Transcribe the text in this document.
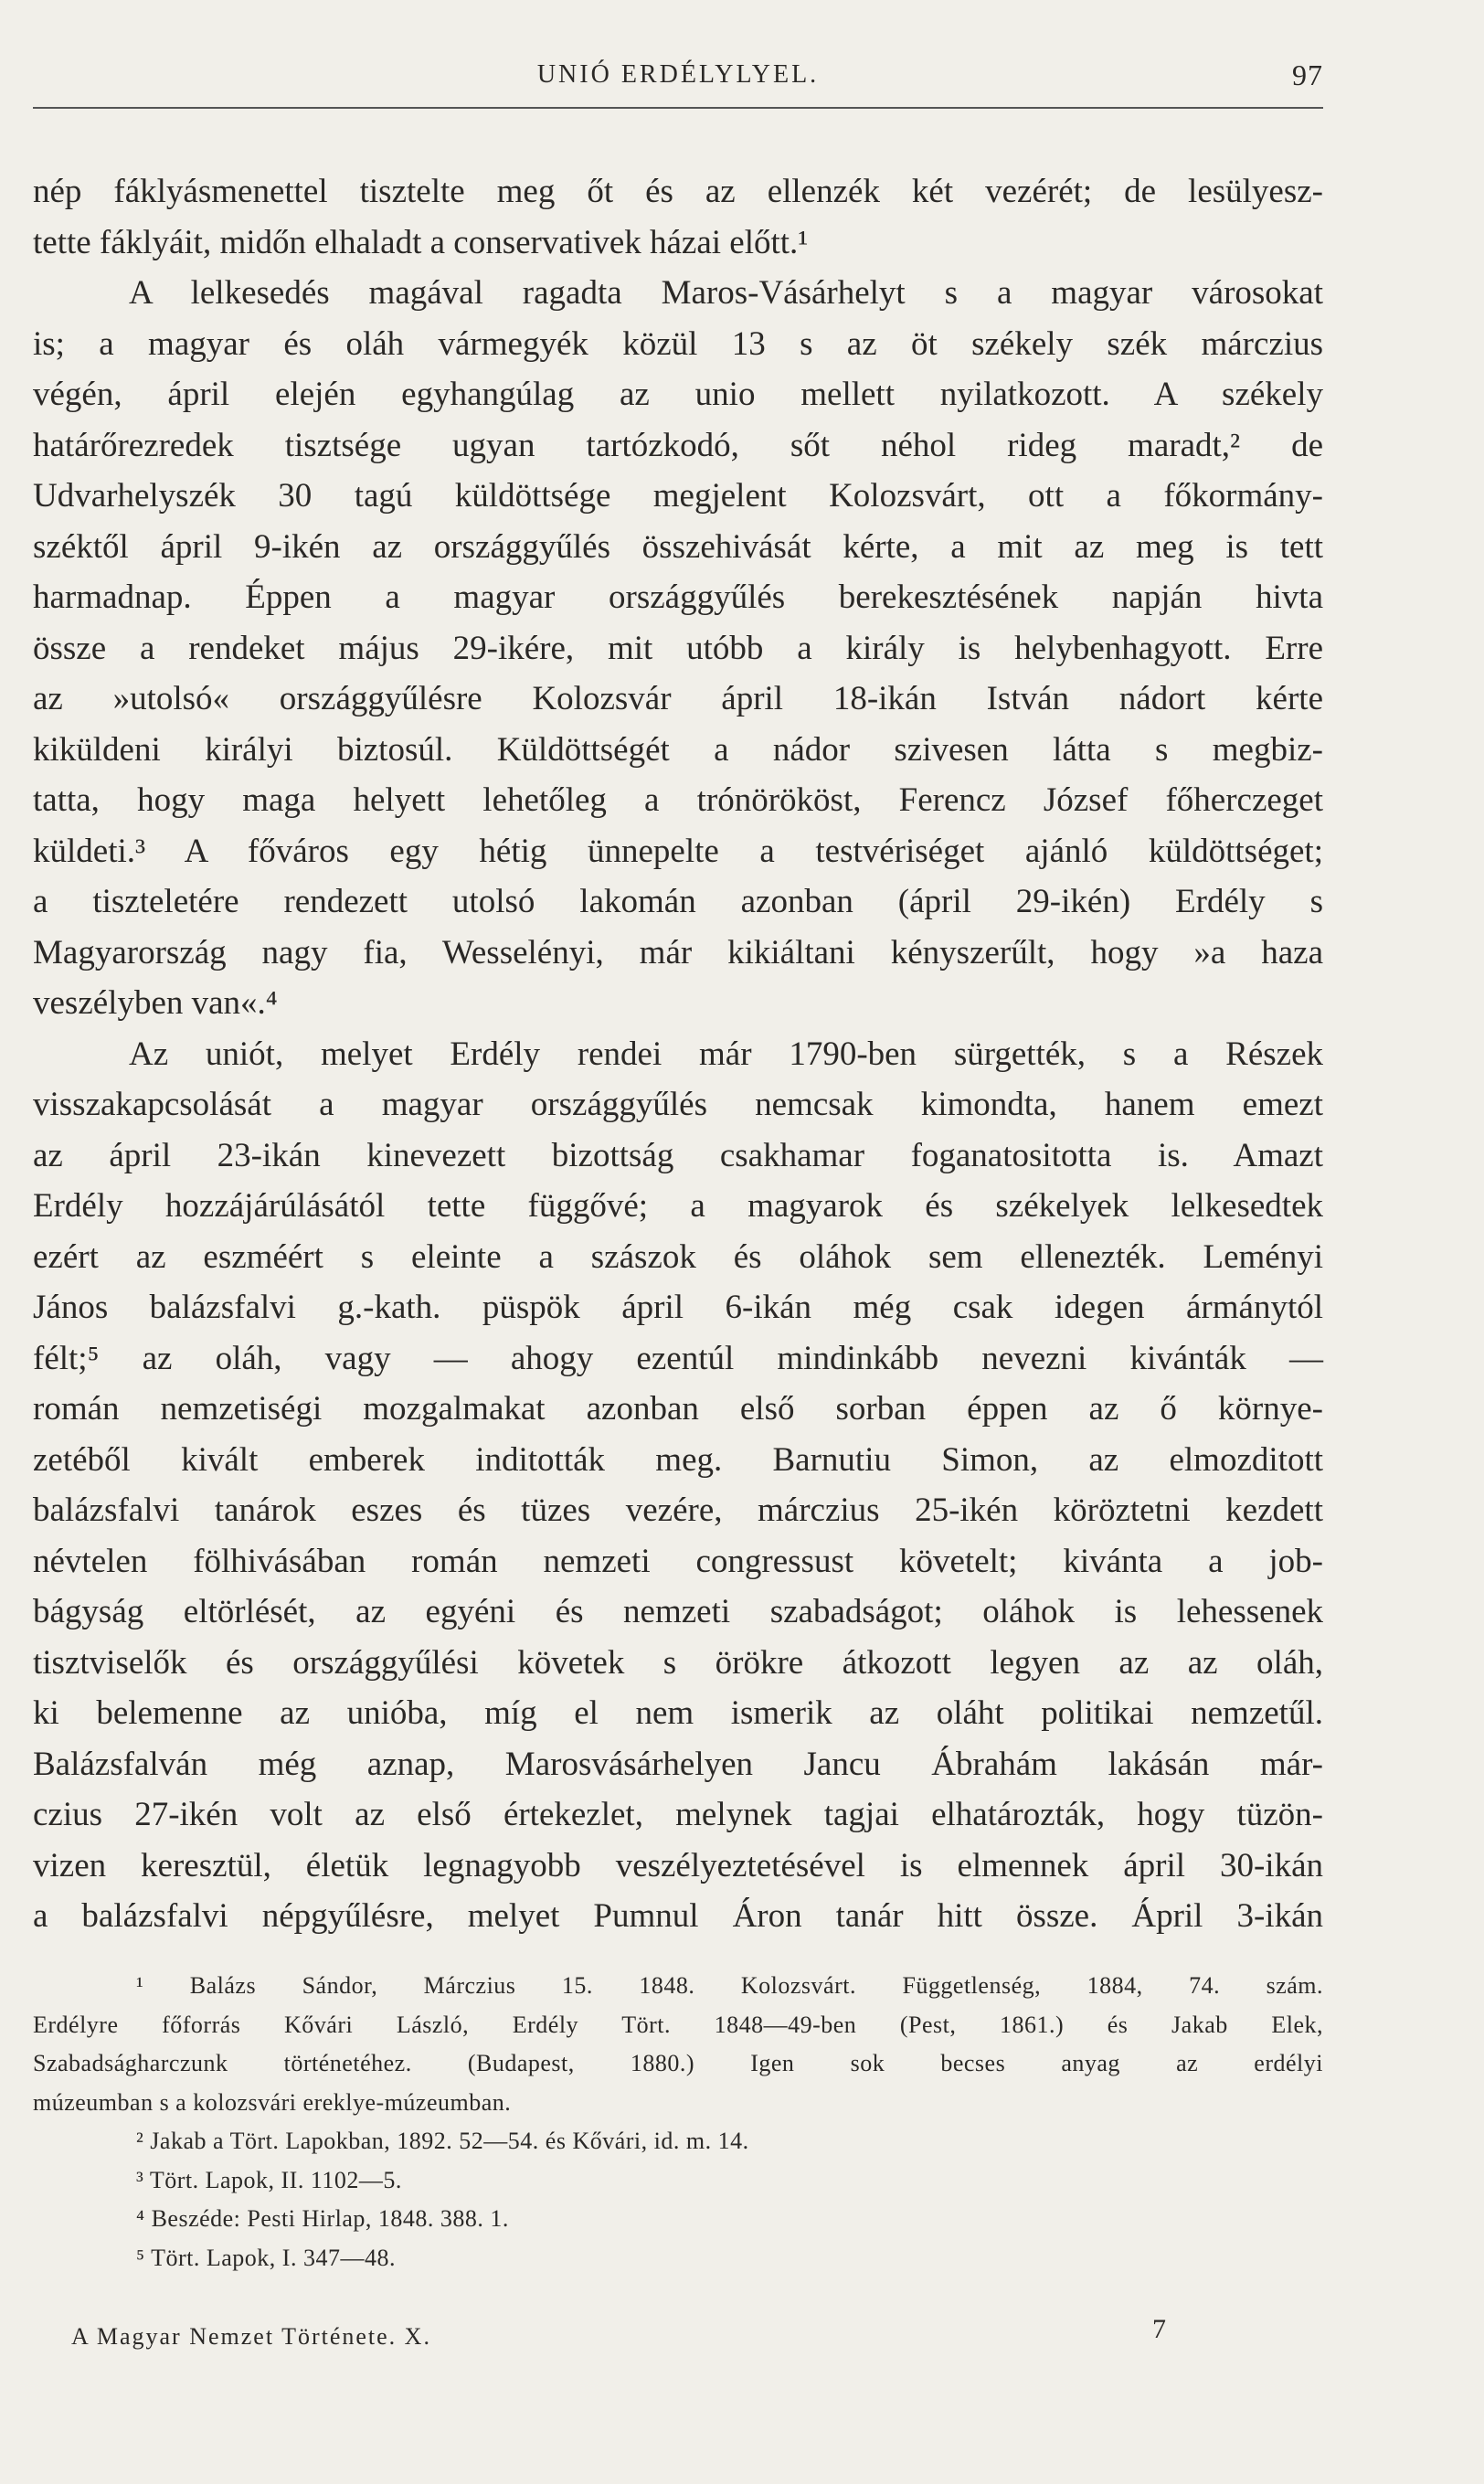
UNIÓ ERDÉLYLYEL.	97
nép fáklyásmenettel tisztelte meg őt és az ellenzék két vezérét; de lesülyesz-
tette fáklyáit, midőn elhaladt a conservativek házai előtt.¹
A lelkesedés magával ragadta Maros-Vásárhelyt s a magyar városokat
is; a magyar és oláh vármegyék közül 13 s az öt székely szék márczius
végén, ápril elején egyhangúlag az unio mellett nyilatkozott. A székely
határőrezredek tisztsége ugyan tartózkodó, sőt néhol rideg maradt,² de
Udvarhelyszék 30 tagú küldöttsége megjelent Kolozsvárt, ott a főkormány-
széktől ápril 9-ikén az országgyűlés összehivását kérte, a mit az meg is tett
harmadnap. Éppen a magyar országgyűlés berekesztésének napján hivta
össze a rendeket május 29-ikére, mit utóbb a király is helybenhagyott. Erre
az »utolsó« országgyűlésre Kolozsvár ápril 18-ikán István nádort kérte
kiküldeni királyi biztosúl. Küldöttségét a nádor szivesen látta s megbiz-
tatta, hogy maga helyett lehetőleg a trónörököst, Ferencz József főherczeget
küldeti.³ A főváros egy hétig ünnepelte a testvériséget ajánló küldöttséget;
a tiszteletére rendezett utolsó lakomán azonban (ápril 29-ikén) Erdély s
Magyarország nagy fia, Wesselényi, már kikiáltani kényszerűlt, hogy »a haza
veszélyben van«.⁴
Az uniót, melyet Erdély rendei már 1790-ben sürgették, s a Részek
visszakapcsolását a magyar országgyűlés nemcsak kimondta, hanem emezt
az ápril 23-ikán kinevezett bizottság csakhamar foganatositotta is. Amazt
Erdély hozzájárúlásától tette függővé; a magyarok és székelyek lelkesedtek
ezért az eszméért s eleinte a szászok és oláhok sem ellenezték. Leményi
János balázsfalvi g.-kath. püspök ápril 6-ikán még csak idegen ármánytól
félt;⁵ az oláh, vagy — ahogy ezentúl mindinkább nevezni kivánták —
román nemzetiségi mozgalmakat azonban első sorban éppen az ő környe-
zetéből kivált emberek inditották meg. Barnutiu Simon, az elmozditott
balázsfalvi tanárok eszes és tüzes vezére, márczius 25-ikén köröztetni kezdett
névtelen fölhivásában román nemzeti congressust követelt; kivánta a job-
bágyság eltörlését, az egyéni és nemzeti szabadságot; oláhok is lehessenek
tisztviselők és országgyűlési követek s örökre átkozott legyen az az oláh,
ki belemenne az unióba, míg el nem ismerik az oláht politikai nemzetűl.
Balázsfalván még aznap, Marosvásárhelyen Jancu Ábrahám lakásán már-
czius 27-ikén volt az első értekezlet, melynek tagjai elhatározták, hogy tüzön-
vizen keresztül, életük legnagyobb veszélyeztetésével is elmennek ápril 30-ikán
a balázsfalvi népgyűlésre, melyet Pumnul Áron tanár hitt össze. Ápril 3-ikán
¹ Balázs Sándor, Márczius 15. 1848. Kolozsvárt. Függetlenség, 1884, 74. szám.
Erdélyre főforrás Kővári László, Erdély Tört. 1848—49-ben (Pest, 1861.) és Jakab Elek,
Szabadságharczunk történetéhez. (Budapest, 1880.) Igen sok becses anyag az erdélyi
múzeumban s a kolozsvári ereklye-múzeumban.
² Jakab a Tört. Lapokban, 1892. 52—54. és Kővári, id. m. 14.
³ Tört. Lapok, II. 1102—5.
⁴ Beszéde: Pesti Hirlap, 1848. 388. 1.
⁵ Tört. Lapok, I. 347—48.
A Magyar Nemzet Története. X.	7
